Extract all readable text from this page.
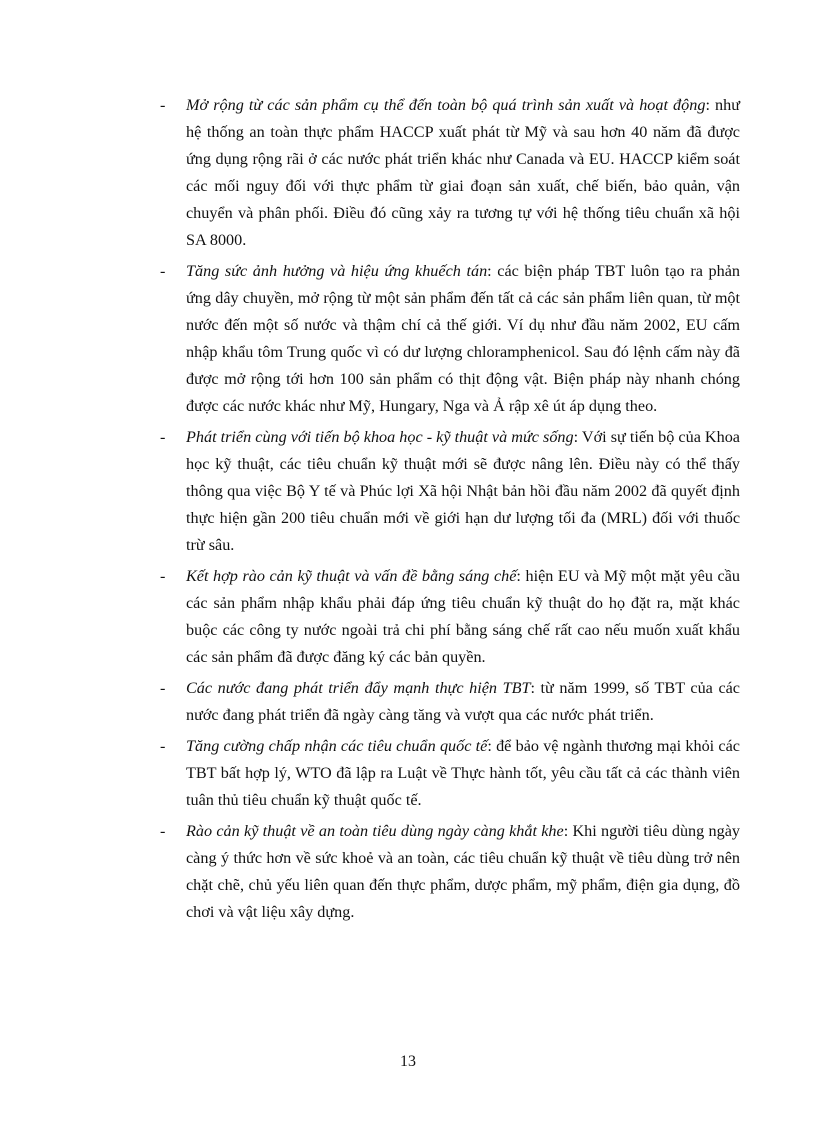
-	Mở rộng từ các sản phẩm cụ thể đến toàn bộ quá trình sản xuất và hoạt động: như hệ thống an toàn thực phẩm HACCP xuất phát từ Mỹ và sau hơn 40 năm đã được ứng dụng rộng rãi ở các nước phát triển khác như Canada và EU. HACCP kiểm soát các mối nguy đối với thực phẩm từ giai đoạn sản xuất, chế biến, bảo quản, vận chuyển và phân phối. Điều đó cũng xảy ra tương tự với hệ thống tiêu chuẩn xã hội SA 8000.

-	Tăng sức ảnh hưởng và hiệu ứng khuếch tán: các biện pháp TBT luôn tạo ra phản ứng dây chuyền, mở rộng từ một sản phẩm đến tất cả các sản phẩm liên quan, từ một nước đến một số nước và thậm chí cả thế giới. Ví dụ như đầu năm 2002, EU cấm nhập khẩu tôm Trung quốc vì có dư lượng chloramphenicol. Sau đó lệnh cấm này đã được mở rộng tới hơn 100 sản phẩm có thịt động vật. Biện pháp này nhanh chóng được các nước khác như Mỹ, Hungary, Nga và Ả rập xê út áp dụng theo.

-	Phát triển cùng với tiến bộ khoa học - kỹ thuật và mức sống: Với sự tiến bộ của Khoa học kỹ thuật, các tiêu chuẩn kỹ thuật mới sẽ được nâng lên. Điều này có thể thấy thông qua việc Bộ Y tế và Phúc lợi Xã hội Nhật bản hồi đầu năm 2002 đã quyết định thực hiện gần 200 tiêu chuẩn mới về giới hạn dư lượng tối đa (MRL) đối với thuốc trừ sâu.

-	Kết hợp rào cản kỹ thuật và vấn đề bằng sáng chế: hiện EU và Mỹ một mặt yêu cầu các sản phẩm nhập khẩu phải đáp ứng tiêu chuẩn kỹ thuật do họ đặt ra, mặt khác buộc các công ty nước ngoài trả chi phí bằng sáng chế rất cao nếu muốn xuất khẩu các sản phẩm đã được đăng ký các bản quyền.

-	Các nước đang phát triển đẩy mạnh thực hiện TBT: từ năm 1999, số TBT của các nước đang phát triển đã ngày càng tăng và vượt qua các nước phát triển.

-	Tăng cường chấp nhận các tiêu chuẩn quốc tế: để bảo vệ ngành thương mại khỏi các TBT bất hợp lý, WTO đã lập ra Luật về Thực hành tốt, yêu cầu tất cả các thành viên tuân thủ tiêu chuẩn kỹ thuật quốc tế.

-	Rào cản kỹ thuật về an toàn tiêu dùng ngày càng khắt khe: Khi người tiêu dùng ngày càng ý thức hơn về sức khoẻ và an toàn, các tiêu chuẩn kỹ thuật về tiêu dùng trở nên chặt chẽ, chủ yếu liên quan đến thực phẩm, dược phẩm, mỹ phẩm, điện gia dụng, đồ chơi và vật liệu xây dựng.

13
